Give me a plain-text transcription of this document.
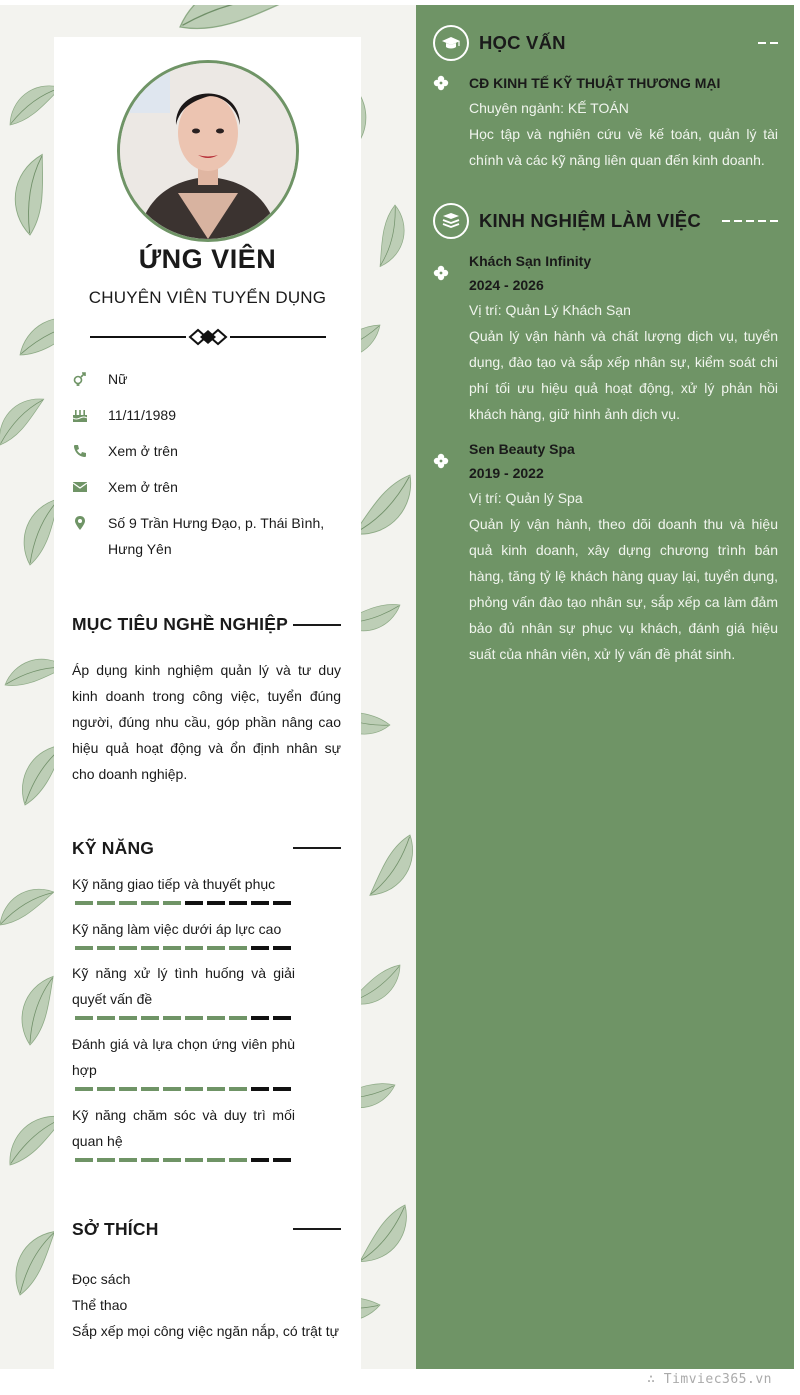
ỨNG VIÊN
CHUYÊN VIÊN TUYỂN DỤNG
Nữ
11/11/1989
Xem ở trên
Xem ở trên
Số 9 Trần Hưng Đạo, p. Thái Bình, Hưng Yên
MỤC TIÊU NGHỀ NGHIỆP
Áp dụng kinh nghiệm quản lý và tư duy kinh doanh trong công việc, tuyển đúng người, đúng nhu cầu, góp phần nâng cao hiệu quả hoạt động và ổn định nhân sự cho doanh nghiệp.
KỸ NĂNG
Kỹ năng giao tiếp và thuyết phục
Kỹ năng làm việc dưới áp lực cao
Kỹ năng xử lý tình huống và giải quyết vấn đề
Đánh giá và lựa chọn ứng viên phù hợp
Kỹ năng chăm sóc và duy trì mối quan hệ
SỞ THÍCH
Đọc sách
Thể thao
Sắp xếp mọi công việc ngăn nắp, có trật tự
HỌC VẤN
CĐ KINH TẾ KỸ THUẬT THƯƠNG MẠI
Chuyên ngành: KẾ TOÁN
Học tập và nghiên cứu về kế toán, quản lý tài chính và các kỹ năng liên quan đến kinh doanh.
KINH NGHIỆM LÀM VIỆC
Khách Sạn Infinity
2024 - 2026
Vị trí: Quản Lý Khách Sạn
Quản lý vận hành và chất lượng dịch vụ, tuyển dụng, đào tạo và sắp xếp nhân sự, kiểm soát chi phí tối ưu hiệu quả hoạt động, xử lý phản hồi khách hàng, giữ hình ảnh dịch vụ.
Sen Beauty Spa
2019 - 2022
Vị trí: Quản lý Spa
Quản lý vận hành, theo dõi doanh thu và hiệu quả kinh doanh, xây dựng chương trình bán hàng, tăng tỷ lệ khách hàng quay lại, tuyển dụng, phỏng vấn đào tạo nhân sự, sắp xếp ca làm đảm bảo đủ nhân sự phục vụ khách, đánh giá hiệu suất của nhân viên, xử lý vấn đề phát sinh.
∴ Timviec365.vn
